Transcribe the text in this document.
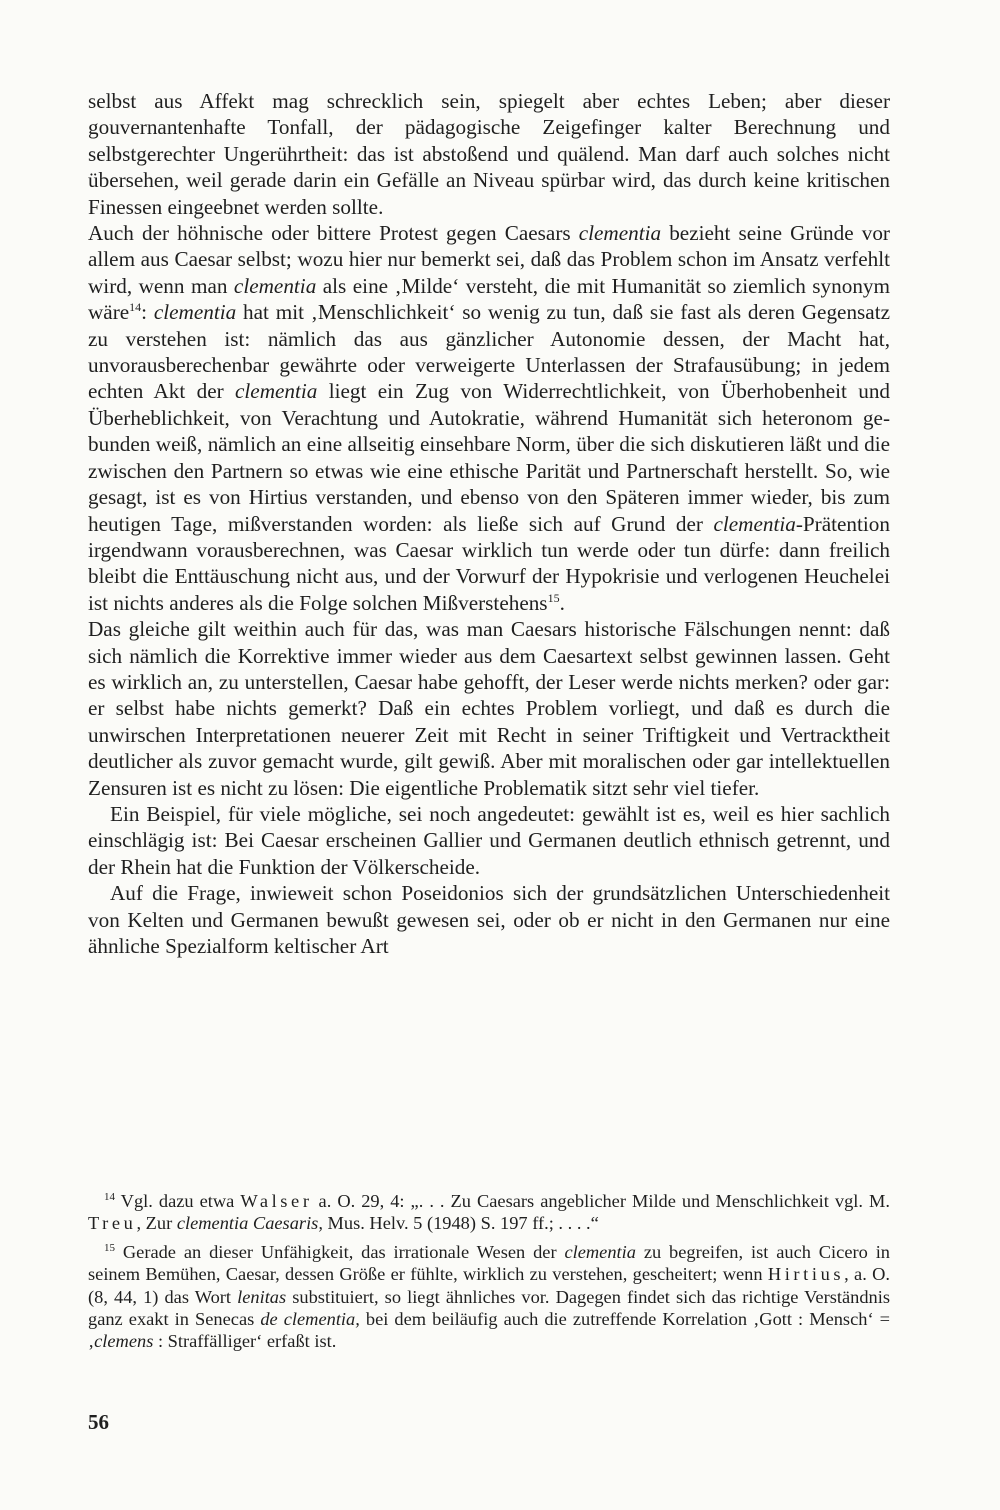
selbst aus Affekt mag schrecklich sein, spiegelt aber echtes Leben; aber dieser gouvernantenhafte Tonfall, der pädagogische Zeigefinger kalter Berechnung und selbstgerechter Ungerührtheit: das ist abstoßend und quälend. Man darf auch solches nicht übersehen, weil gerade darin ein Gefälle an Niveau spürbar wird, das durch keine kritischen Finessen eingeebnet werden sollte.

Auch der höhnische oder bittere Protest gegen Caesars clementia bezieht seine Gründe vor allem aus Caesar selbst; wozu hier nur bemerkt sei, daß das Problem schon im Ansatz verfehlt wird, wenn man clementia als eine ‚Milde‘ versteht, die mit Humanität so ziemlich synonym wäre$^{14}$: clementia hat mit ‚Menschlichkeit‘ so wenig zu tun, daß sie fast als deren Gegensatz zu verstehen ist: nämlich das aus gänzlicher Autonomie dessen, der Macht hat, unvorausberechenbar gewährte oder verweigerte Unterlassen der Strafausübung; in jedem echten Akt der clementia liegt ein Zug von Widerrechtlichkeit, von Überhobenheit und Überheblichkeit, von Verachtung und Autokratie, während Humanität sich heteronom gebunden weiß, nämlich an eine allseitig einsehbare Norm, über die sich diskutieren läßt und die zwischen den Partnern so etwas wie eine ethische Parität und Partnerschaft herstellt. So, wie gesagt, ist es von Hirtius verstanden, und ebenso von den Späteren immer wieder, bis zum heutigen Tage, mißverstanden worden: als ließe sich auf Grund der clementia-Prätention irgendwann vorausberechnen, was Caesar wirklich tun werde oder tun dürfe: dann freilich bleibt die Enttäuschung nicht aus, und der Vorwurf der Hypokrisie und verlogenen Heuchelei ist nichts anderes als die Folge solchen Mißverstehens$^{15}$.

Das gleiche gilt weithin auch für das, was man Caesars historische Fälschungen nennt: daß sich nämlich die Korrektive immer wieder aus dem Caesartext selbst gewinnen lassen. Geht es wirklich an, zu unterstellen, Caesar habe gehofft, der Leser werde nichts merken? oder gar: er selbst habe nichts gemerkt? Daß ein echtes Problem vorliegt, und daß es durch die unwirschen Interpretationen neuerer Zeit mit Recht in seiner Triftigkeit und Vertracktheit deutlicher als zuvor gemacht wurde, gilt gewiß. Aber mit moralischen oder gar intellektuellen Zensuren ist es nicht zu lösen: Die eigentliche Problematik sitzt sehr viel tiefer.

Ein Beispiel, für viele mögliche, sei noch angedeutet: gewählt ist es, weil es hier sachlich einschlägig ist: Bei Caesar erscheinen Gallier und Germanen deutlich ethnisch getrennt, und der Rhein hat die Funktion der Völkerscheide.

Auf die Frage, inwieweit schon Poseidonios sich der grundsätzlichen Unterschiedenheit von Kelten und Germanen bewußt gewesen sei, oder ob er nicht in den Germanen nur eine ähnliche Spezialform keltischer Art

$^{14}$ Vgl. dazu etwa Walser a. O. 29, 4: „. . . Zu Caesars angeblicher Milde und Menschlichkeit vgl. M. Treu, Zur clementia Caesaris, Mus. Helv. 5 (1948) S. 197 ff.; . . . .“

$^{15}$ Gerade an dieser Unfähigkeit, das irrationale Wesen der clementia zu begreifen, ist auch Cicero in seinem Bemühen, Caesar, dessen Größe er fühlte, wirklich zu verstehen, gescheitert; wenn Hirtius, a. O. (8, 44, 1) das Wort lenitas substituiert, so liegt ähnliches vor. Dagegen findet sich das richtige Verständnis ganz exakt in Senecas de clementia, bei dem beiläufig auch die zutreffende Korrelation ‚Gott : Mensch‘ = ‚clemens : Straffälliger‘ erfaßt ist.

56
